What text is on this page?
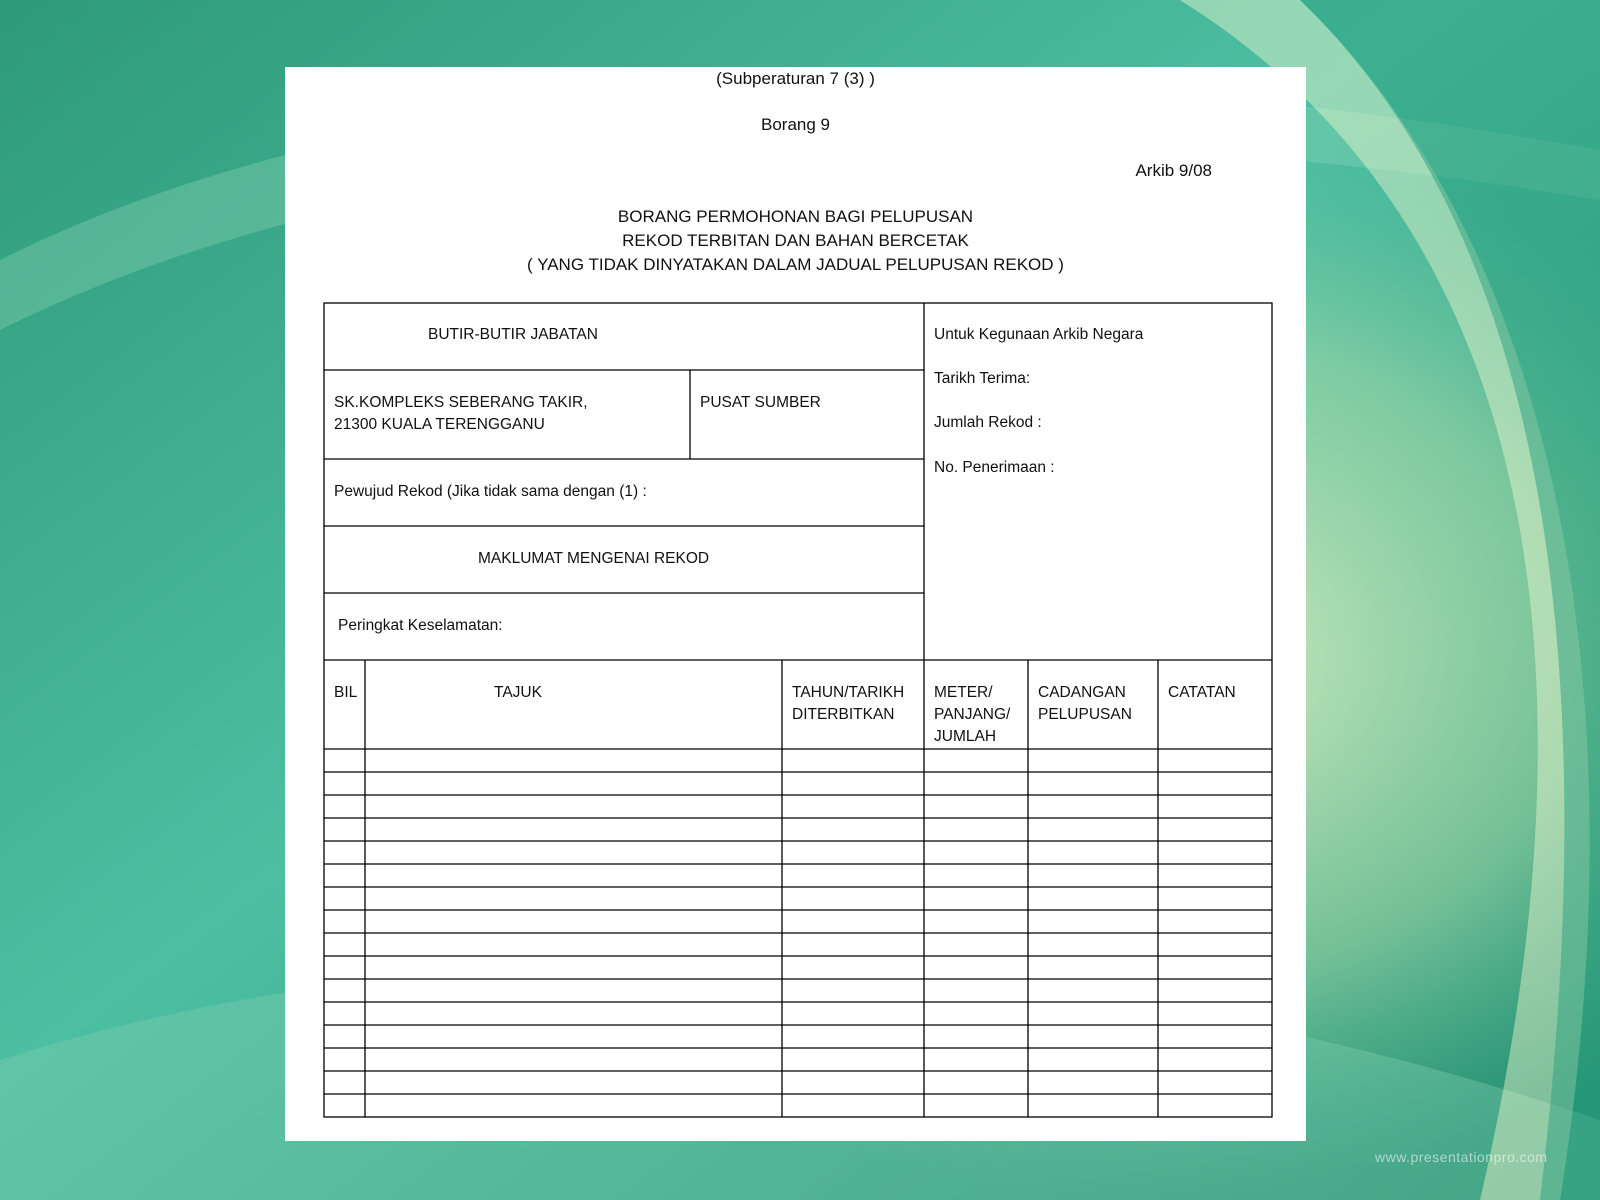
(Subperaturan 7 (3) )
Borang 9
Arkib 9/08
BORANG PERMOHONAN BAGI PELUPUSAN
REKOD TERBITAN DAN BAHAN BERCETAK
( YANG TIDAK DINYATAKAN DALAM JADUAL PELUPUSAN REKOD )
BUTIR-BUTIR JABATAN
SK.KOMPLEKS SEBERANG TAKIR,
21300 KUALA TERENGGANU
PUSAT SUMBER
Pewujud Rekod (Jika tidak sama dengan (1) :
MAKLUMAT MENGENAI REKOD
Peringkat Keselamatan:
Untuk Kegunaan Arkib Negara
Tarikh Terima:
Jumlah Rekod :
No. Penerimaan :
BIL	TAJUK	TAHUN/TARIKH
DITERBITKAN
METER/
PANJANG/
JUMLAH
CADANGAN
PELUPUSAN
CATATAN
www.presentationpro.com
